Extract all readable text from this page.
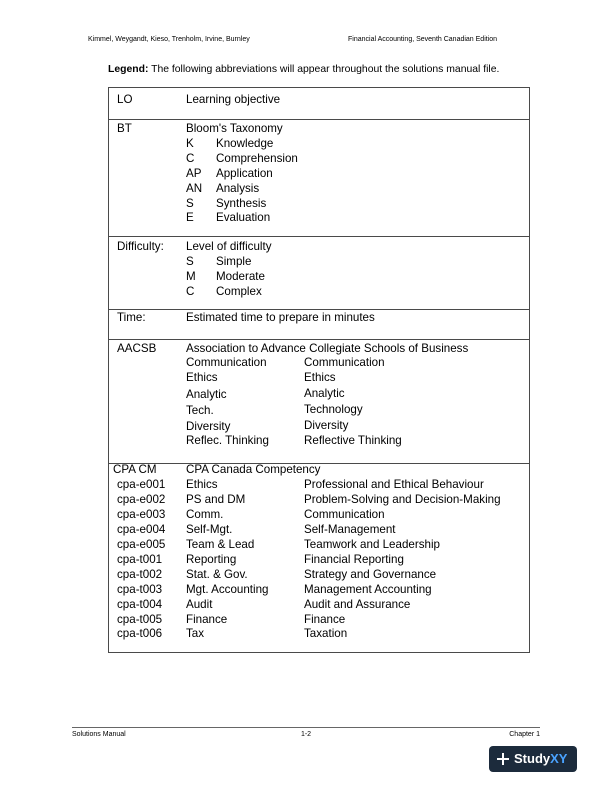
Kimmel, Weygandt, Kieso, Trenholm, Irvine, Burnley	Financial Accounting, Seventh Canadian Edition
Legend: The following abbreviations will appear throughout the solutions manual file.
LO	Learning objective
BT	Bloom's Taxonomy
K Knowledge
C Comprehension
AP Application
AN Analysis
S Synthesis
E Evaluation
Difficulty: Level of difficulty
S Simple
M Moderate
C Complex
Time:	Estimated time to prepare in minutes
AACSB	Association to Advance Collegiate Schools of Business
Communication	Communication
Ethics	Ethics
Analytic	Analytic
Tech.	Technology
Diversity	Diversity
Reflec. Thinking	Reflective Thinking
CPA CM	CPA Canada Competency
cpa-e001 Ethics	Professional and Ethical Behaviour
cpa-e002 PS and DM	Problem-Solving and Decision-Making
cpa-e003 Comm.	Communication
cpa-e004 Self-Mgt.	Self-Management
cpa-e005 Team & Lead	Teamwork and Leadership
cpa-t001 Reporting	Financial Reporting
cpa-t002 Stat. & Gov.	Strategy and Governance
cpa-t003 Mgt. Accounting	Management Accounting
cpa-t004 Audit	Audit and Assurance
cpa-t005 Finance	Finance
cpa-t006 Tax	Taxation
Solutions Manual	1-2	Chapter 1
StudyXY
